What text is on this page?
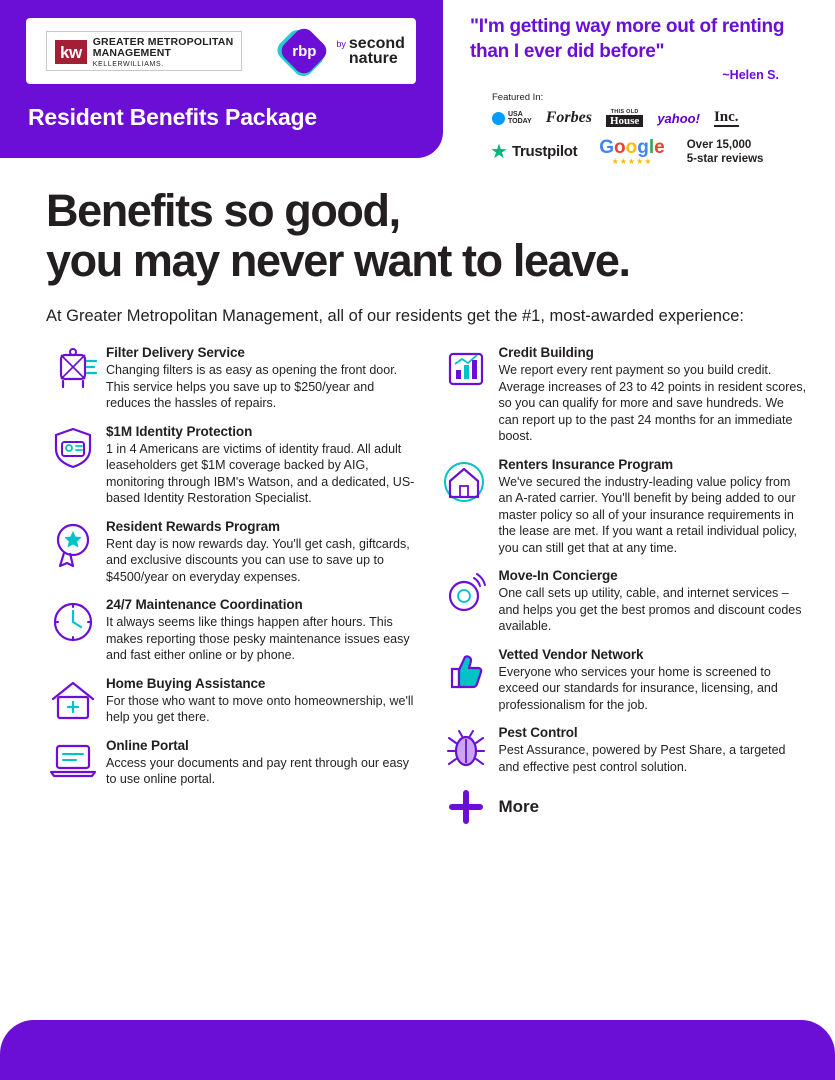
kw
GREATER METROPOLITAN
MANAGEMENT
KELLERWILLIAMS.
rbp	by second
nature
Resident Benefits Package
"I'm getting way more out of renting than I ever did before"
~Helen S.
Featured In:
USA
TODAY Forbes	THIS OLD
House	yahoo! Inc.
★ Trustpilot Google
★★★★★
Over 15,000
5-star reviews
Benefits so good,
you may never want to leave.
At Greater Metropolitan Management, all of our residents get the #1, most-awarded experience:
Filter Delivery Service

Changing filters is as easy as opening the front door. This service helps you save up to $250/year and reduces the hassles of repairs.

$1M Identity Protection

1 in 4 Americans are victims of identity fraud. All adult leaseholders get $1M coverage backed by AIG, monitoring through IBM's Watson, and a dedicated, US-based Identity Restoration Specialist.

Resident Rewards Program

Rent day is now rewards day. You'll get cash, giftcards, and exclusive discounts you can use to save up to $4500/year on everyday expenses.

24/7 Maintenance Coordination

It always seems like things happen after hours. This makes reporting those pesky maintenance issues easy and fast either online or by phone.

Home Buying Assistance

For those who want to move onto homeownership, we'll help you get there.

Online Portal

Access your documents and pay rent through our easy to use online portal.

Credit Building

We report every rent payment so you build credit. Average increases of 23 to 42 points in resident scores, so you can qualify for more and save hundreds. We can report up to the past 24 months for an immediate boost.

Renters Insurance Program

We've secured the industry-leading value policy from an A-rated carrier. You'll benefit by being added to our master policy so all of your insurance requirements in the lease are met. If you want a retail individual policy, you can still get that at any time.

Move-In Concierge

One call sets up utility, cable, and internet services – and helps you get the best promos and discount codes available.

Vetted Vendor Network

Everyone who services your home is screened to exceed our standards for insurance, licensing, and professionalism for the job.

Pest Control

Pest Assurance, powered by Pest Share, a targeted and effective pest control solution.

More
